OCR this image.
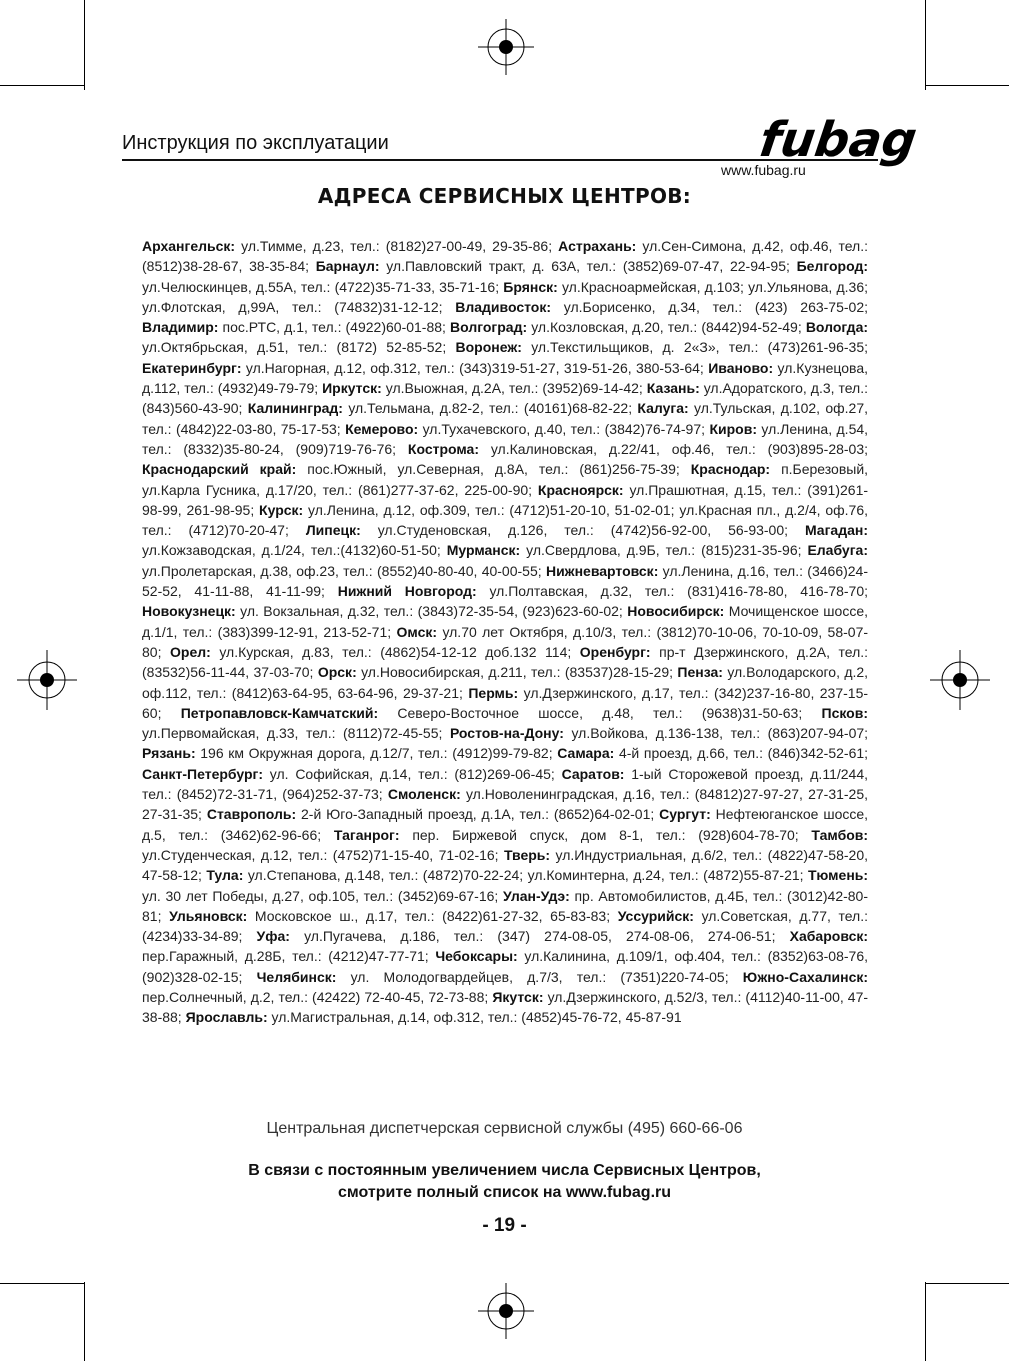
Инструкция по эксплуатации	fubag
www.fubag.ru
АДРЕСА СЕРВИСНЫХ ЦЕНТРОВ:
Архангельск: ул.Тимме, д.23, тел.: (8182)27-00-49, 29-35-86; Астрахань: ул.Сен-Симона, д.42, оф.46, тел.: (8512)38-28-67, 38-35-84; Барнаул: ул.Павловский тракт, д. 63А, тел.: (3852)69-07-47, 22-94-95; Белгород: ул.Челюскинцев, д.55А, тел.: (4722)35-71-33, 35-71-16; Брянск: ул.Красноармейская, д.103; ул.Ульянова, д.36; ул.Флотская, д,99А, тел.: (74832)31-12-12; Владивосток: ул.Борисенко, д.34, тел.: (423) 263-75-02; Владимир: пос.РТС, д.1, тел.: (4922)60-01-88; Волгоград: ул.Козловская, д.20, тел.: (8442)94-52-49; Вологда: ул.Октябрьская, д.51, тел.: (8172) 52-85-52; Воронеж: ул.Текстильщиков, д. 2«З», тел.: (473)261-96-35; Екатеринбург: ул.Нагорная, д.12, оф.312, тел.: (343)319-51-27, 319-51-26, 380-53-64; Иваново: ул.Кузнецова, д.112, тел.: (4932)49-79-79; Иркутск: ул.Выожная, д.2А, тел.: (3952)69-14-42; Казань: ул.Адоратского, д.3, тел.: (843)560-43-90; Калининград: ул.Тельмана, д.82-2, тел.: (40161)68-82-22; Калуга: ул.Тульская, д.102, оф.27, тел.: (4842)22-03-80, 75-17-53; Кемерово: ул.Тухачевского, д.40, тел.: (3842)76-74-97; Киров: ул.Ленина, д.54, тел.: (8332)35-80-24, (909)719-76-76; Кострома: ул.Калиновская, д.22/41, оф.46, тел.: (903)895-28-03; Краснодарский край: пос.Южный, ул.Северная, д.8А, тел.: (861)256-75-39; Краснодар: п.Березовый, ул.Карла Гусника, д.17/20, тел.: (861)277-37-62, 225-00-90; Красноярск: ул.Прашютная, д.15, тел.: (391)261-98-99, 261-98-95; Курск: ул.Ленина, д.12, оф.309, тел.: (4712)51-20-10, 51-02-01; ул.Красная пл., д.2/4, оф.76, тел.: (4712)70-20-47; Липецк: ул.Студеновская, д.126, тел.: (4742)56-92-00, 56-93-00; Магадан: ул.Кожзаводская, д.1/24, тел.:(4132)60-51-50; Мурманск: ул.Свердлова, д.9Б, тел.: (815)231-35-96; Елабуга: ул.Пролетарская, д.38, оф.23, тел.: (8552)40-80-40, 40-00-55; Нижневартовск: ул.Ленина, д.16, тел.: (3466)24-52-52, 41-11-88, 41-11-99; Нижний Новгород: ул.Полтавская, д.32, тел.: (831)416-78-80, 416-78-70; Новокузнецк: ул. Вокзальная, д.32, тел.: (3843)72-35-54, (923)623-60-02; Новосибирск: Мочищенское шоссе, д.1/1, тел.: (383)399-12-91, 213-52-71; Омск: ул.70 лет Октября, д.10/3, тел.: (3812)70-10-06, 70-10-09, 58-07-80; Орел: ул.Курская, д.83, тел.: (4862)54-12-12 доб.132 114; Оренбург: пр-т Дзержинского, д.2А, тел.: (83532)56-11-44, 37-03-70; Орск: ул.Новосибирская, д.211, тел.: (83537)28-15-29; Пенза: ул.Володарского, д.2, оф.112, тел.: (8412)63-64-95, 63-64-96, 29-37-21; Пермь: ул.Дзержинского, д.17, тел.: (342)237-16-80, 237-15-60; Петропавловск-Камчатский: Северо-Восточное шоссе, д.48, тел.: (9638)31-50-63; Псков: ул.Первомайская, д.33, тел.: (8112)72-45-55; Ростов-на-Дону: ул.Войкова, д.136-138, тел.: (863)207-94-07; Рязань: 196 км Окружная дорога, д.12/7, тел.: (4912)99-79-82; Самара: 4-й проезд, д.66, тел.: (846)342-52-61; Санкт-Петербург: ул. Софийская, д.14, тел.: (812)269-06-45; Саратов: 1-ый Сторожевой проезд, д.11/244, тел.: (8452)72-31-71, (964)252-37-73; Смоленск: ул.Новоленинградская, д.16, тел.: (84812)27-97-27, 27-31-25, 27-31-35; Ставрополь: 2-й Юго-Западный проезд, д.1А, тел.: (8652)64-02-01; Сургут: Нефтеюганское шоссе, д.5, тел.: (3462)62-96-66; Таганрог: пер. Биржевой спуск, дом 8-1, тел.: (928)604-78-70; Тамбов: ул.Студенческая, д.12, тел.: (4752)71-15-40, 71-02-16; Тверь: ул.Индустриальная, д.6/2, тел.: (4822)47-58-20, 47-58-12; Тула: ул.Степанова, д.148, тел.: (4872)70-22-24; ул.Коминтерна, д.24, тел.: (4872)55-87-21; Тюмень: ул. 30 лет Победы, д.27, оф.105, тел.: (3452)69-67-16; Улан-Удэ: пр. Автомобилистов, д.4Б, тел.: (3012)42-80-81; Ульяновск: Московское ш., д.17, тел.: (8422)61-27-32, 65-83-83; Уссурийск: ул.Советская, д.77, тел.: (4234)33-34-89; Уфа: ул.Пугачева, д.186, тел.: (347) 274-08-05, 274-08-06, 274-06-51; Хабаровск: пер.Гаражный, д.28Б, тел.: (4212)47-77-71; Чебоксары: ул.Калинина, д.109/1, оф.404, тел.: (8352)63-08-76, (902)328-02-15; Челябинск: ул. Молодогвардейцев, д.7/3, тел.: (7351)220-74-05; Южно-Сахалинск: пер.Солнечный, д.2, тел.: (42422) 72-40-45, 72-73-88; Якутск: ул.Дзержинского, д.52/3, тел.: (4112)40-11-00, 47-38-88; Ярославль: ул.Магистральная, д.14, оф.312, тел.: (4852)45-76-72, 45-87-91
Центральная диспетчерская сервисной службы (495) 660-66-06
В связи с постоянным увеличением числа Сервисных Центров,
смотрите полный список на www.fubag.ru
- 19 -
